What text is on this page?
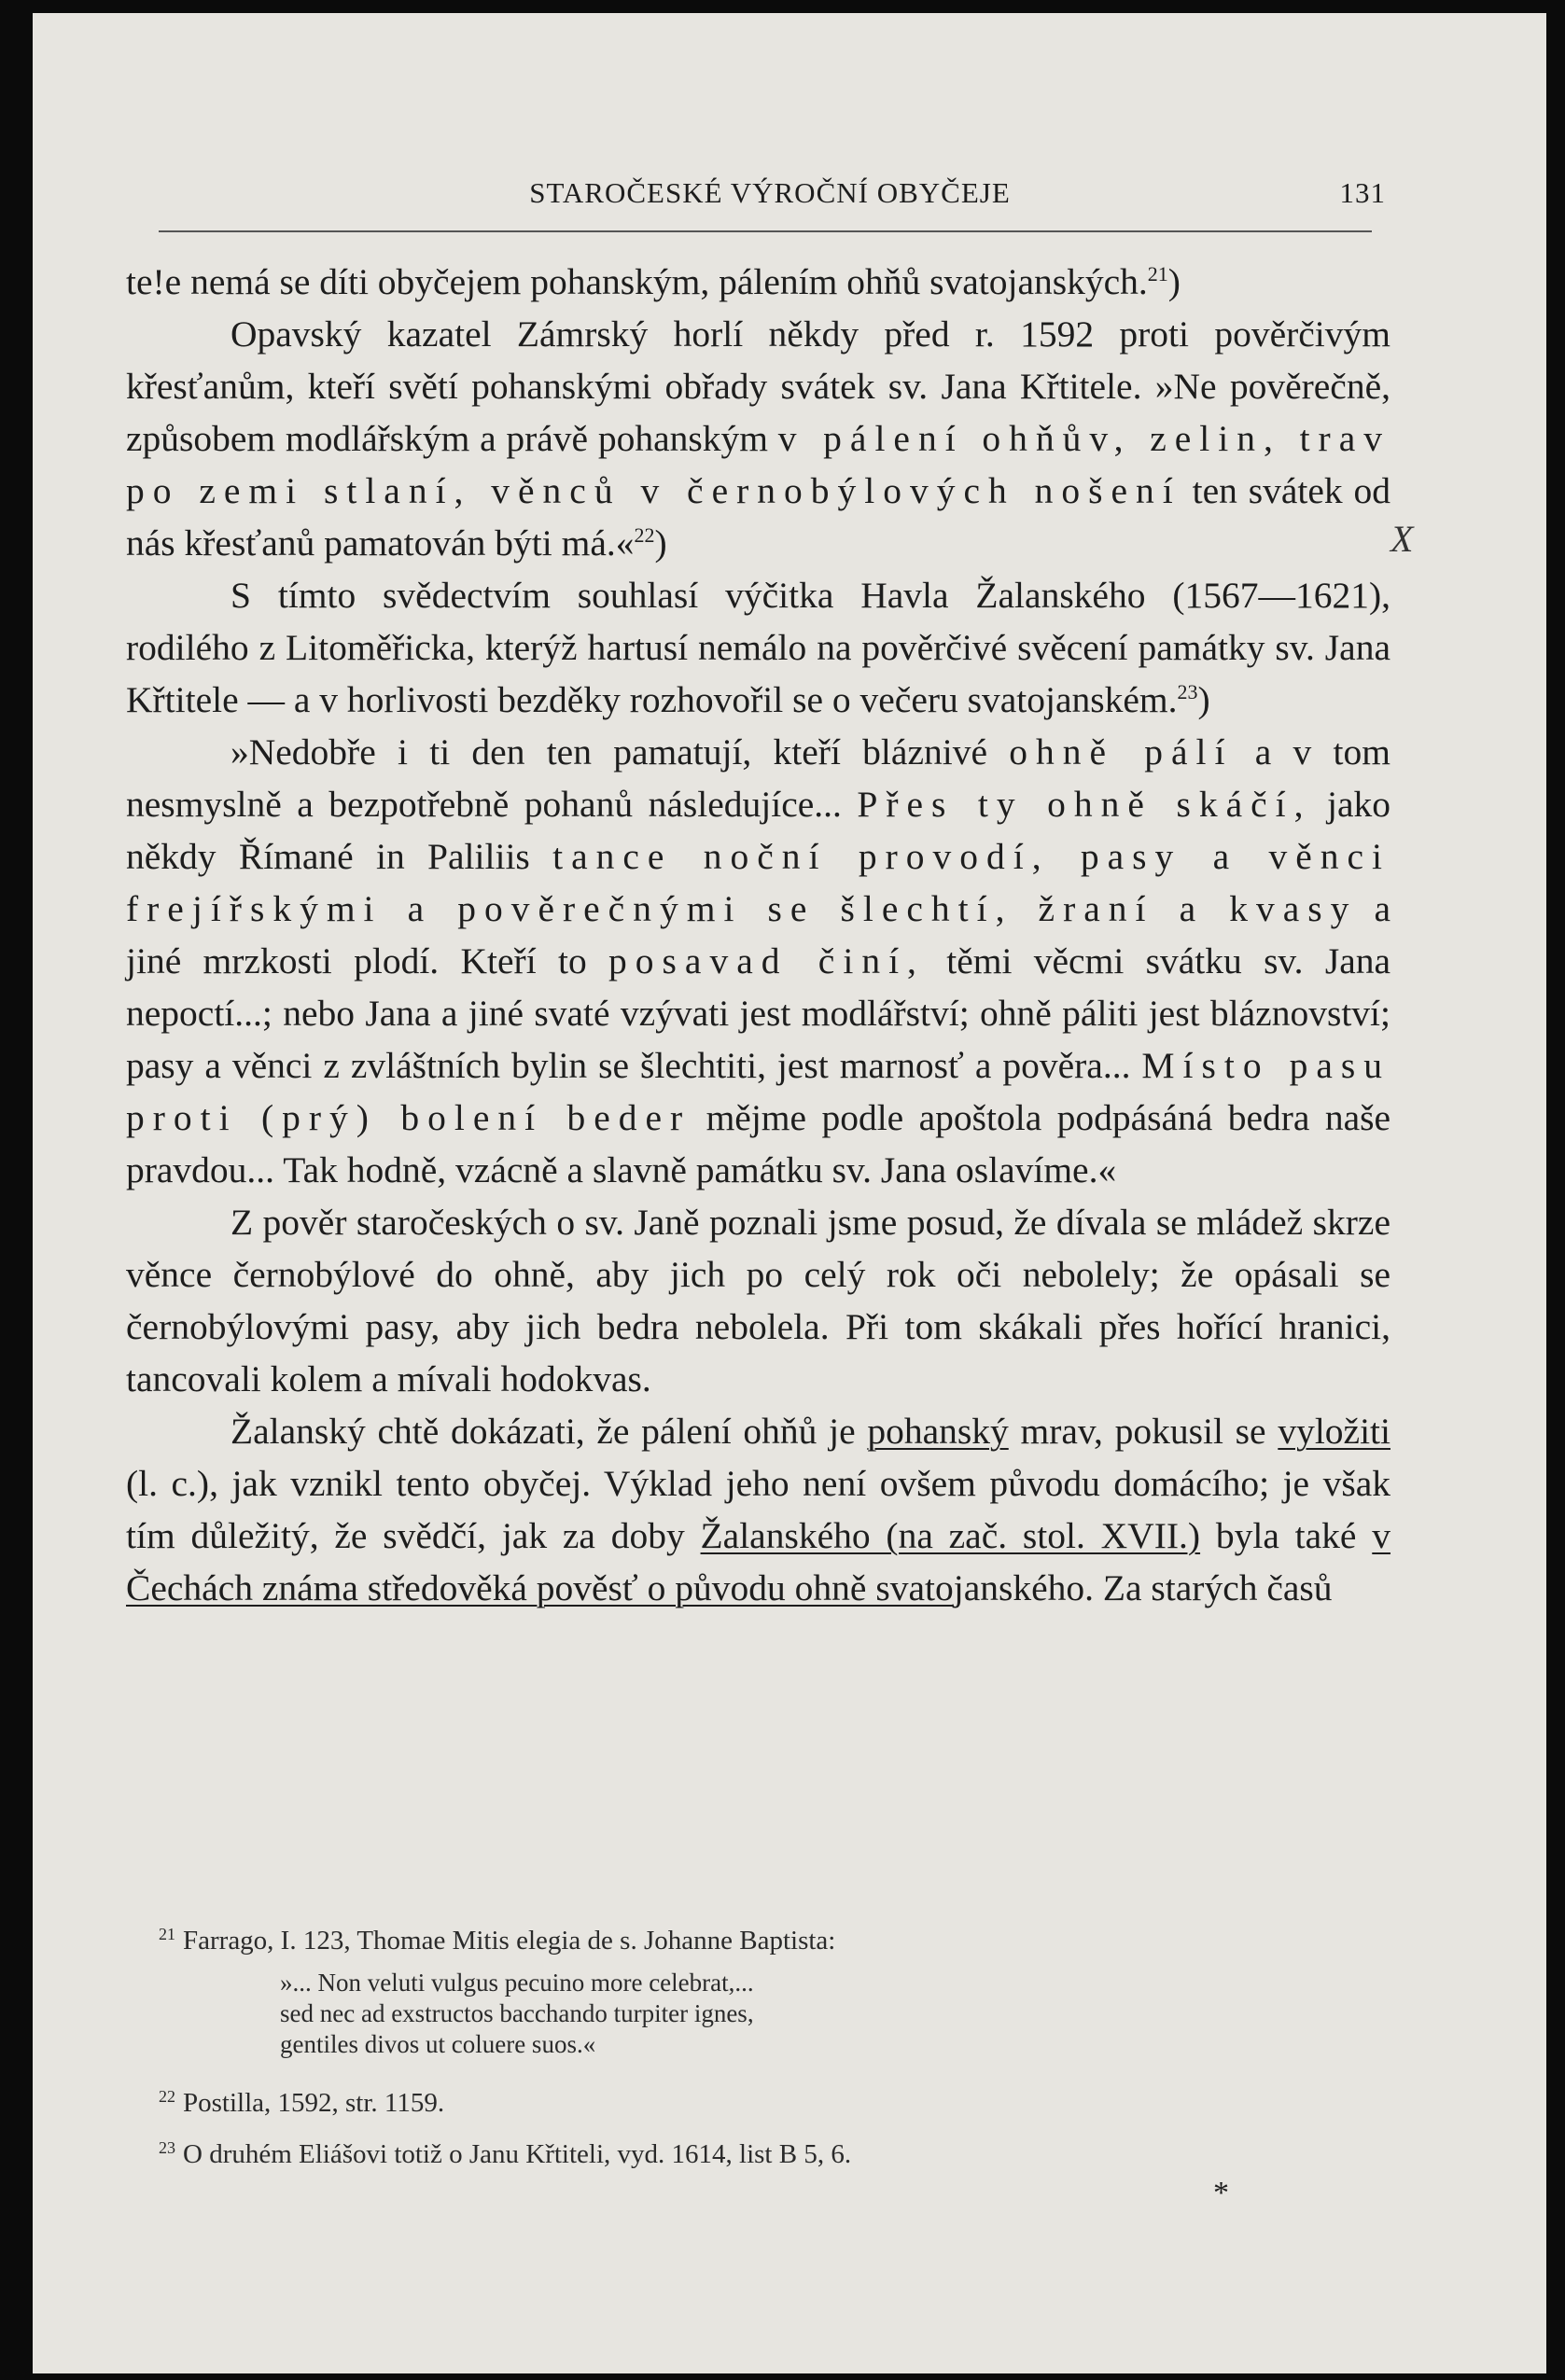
STAROČESKÉ VÝROČNÍ OBYČEJE	131
X

te!e nemá se díti obyčejem pohanským, pálením ohňů svatojanských.$^{21}$)

Opavský kazatel Zámrský horlí někdy před r. 1592 proti pověrčivým křesťanům, kteří světí pohanskými obřady svátek sv. Jana Křtitele. »Ne pověrečně, způsobem modlářským a právě pohanským v pálení ohňův, zelin, trav po zemi stlaní, věnců v černobýlových nošení ten svátek od nás křesťanů pamatován býti má.«$^{22}$)

S tímto svědectvím souhlasí výčitka Havla Žalanského (1567—1621), rodilého z Litoměřicka, kterýž hartusí nemálo na pověrčivé svěcení památky sv. Jana Křtitele — a v horlivosti bezděky rozhovořil se o večeru svatojanském.$^{23}$)

»Nedobře i ti den ten pamatují, kteří bláznivé ohně pálí a v tom nesmyslně a bezpotřebně pohanů následujíce... Přes ty ohně skáčí, jako někdy Římané in Paliliis tance noční provodí, pasy a věnci frejířskými a pověrečnými se šlechtí, žraní a kvasy a jiné mrzkosti plodí. Kteří to posavad činí, těmi věcmi svátku sv. Jana nepoctí...; nebo Jana a jiné svaté vzývati jest modlářství; ohně páliti jest bláznovství; pasy a věnci z zvláštních bylin se šlechtiti, jest marnosť a pověra... Místo pasu proti (prý) bolení beder mějme podle apoštola podpásáná bedra naše pravdou... Tak hodně, vzácně a slavně památku sv. Jana oslavíme.«

Z pověr staročeských o sv. Janě poznali jsme posud, že dívala se mládež skrze věnce černobýlové do ohně, aby jich po celý rok oči nebolely; že opásali se černobýlovými pasy, aby jich bedra nebolela. Při tom skákali přes hořící hranici, tancovali kolem a mívali hodokvas.

Žalanský chtě dokázati, že pálení ohňů je pohanský mrav, pokusil se vyložiti (l. c.), jak vznikl tento obyčej. Výklad jeho není ovšem původu domácího; je však tím důležitý, že svědčí, jak za doby Žalanského (na zač. stol. XVII.) byla také v Čechách známa středověká pověsť o původu ohně svatojanského. Za starých časů

$^{21}$ Farrago, I. 123, Thomae Mitis elegia de s. Johanne Baptista:
»... Non veluti vulgus pecuino more celebrat,...
sed nec ad exstructos bacchando turpiter ignes,
gentiles divos ut coluere suos.«
$^{22}$ Postilla, 1592, str. 1159.
$^{23}$ O druhém Eliášovi totiž o Janu Křtiteli, vyd. 1614, list B 5, 6.
*
